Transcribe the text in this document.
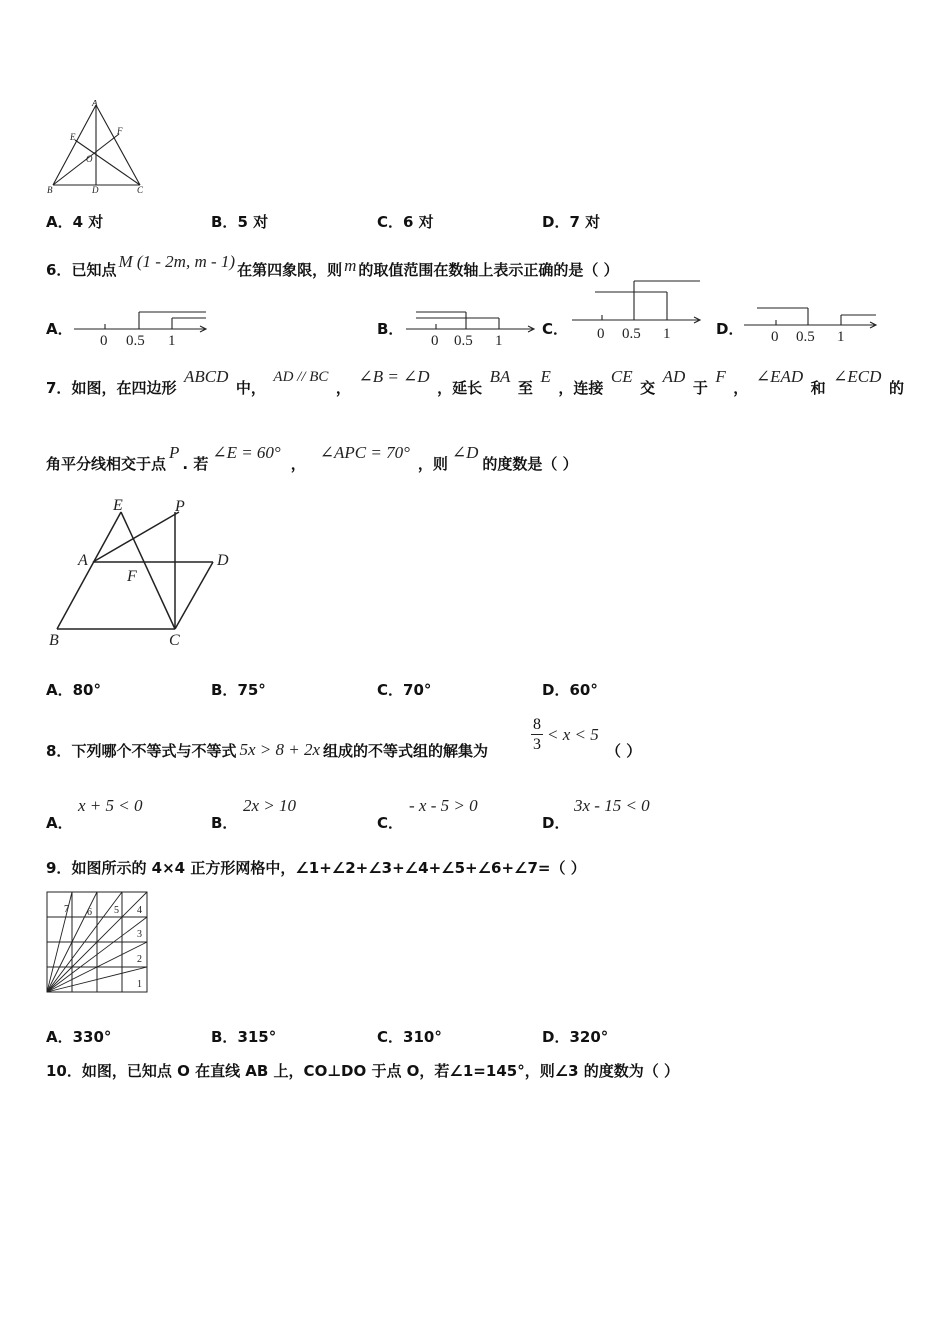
A
E
F
O
B	D	C
A．4 对	B．5 对	C．6 对	D．7 对
6． 已知点 M (1 - 2m, m - 1) 在第四象限，则 m 的取值范围在数轴上表示正确的是（ ）
A．
0 0.5 1
B．
0 0.5 1
C． 0 0.5 1	D． 0 0.5 1
7．如图，在四边形
ABCD
中，
AD // BC
，
∠B = ∠D
，延长
BA
至
E
，连接
CE
交
AD
于
F
，
∠EAD
和
∠ECD
的
角平分线相交于点
P
. 若
∠E = 60°
，
∠APC = 70°
，则
∠D
的度数是（ ）
E	P
A
F
D
B	C
A．80°	B．75°	C．70°	D．60°
8． 下列哪个不等式与不等式 5x > 8 + 2x 组成的不等式组的解集为
8
3
< x < 5
（ ）
A．
x + 5 < 0
B．
2x > 10
C．
- x - 5 > 0
D．
3x - 15 < 0
9．如图所示的 4×4 正方形网格中，∠1+∠2+∠3+∠4+∠5+∠6+∠7=（ ）
7 6 5 4
3
2
1
A．330°	B．315°	C．310°	D．320°
10．如图，已知点 O 在直线 AB 上，CO⊥DO 于点 O，若∠1=145°，则∠3 的度数为（ ）
